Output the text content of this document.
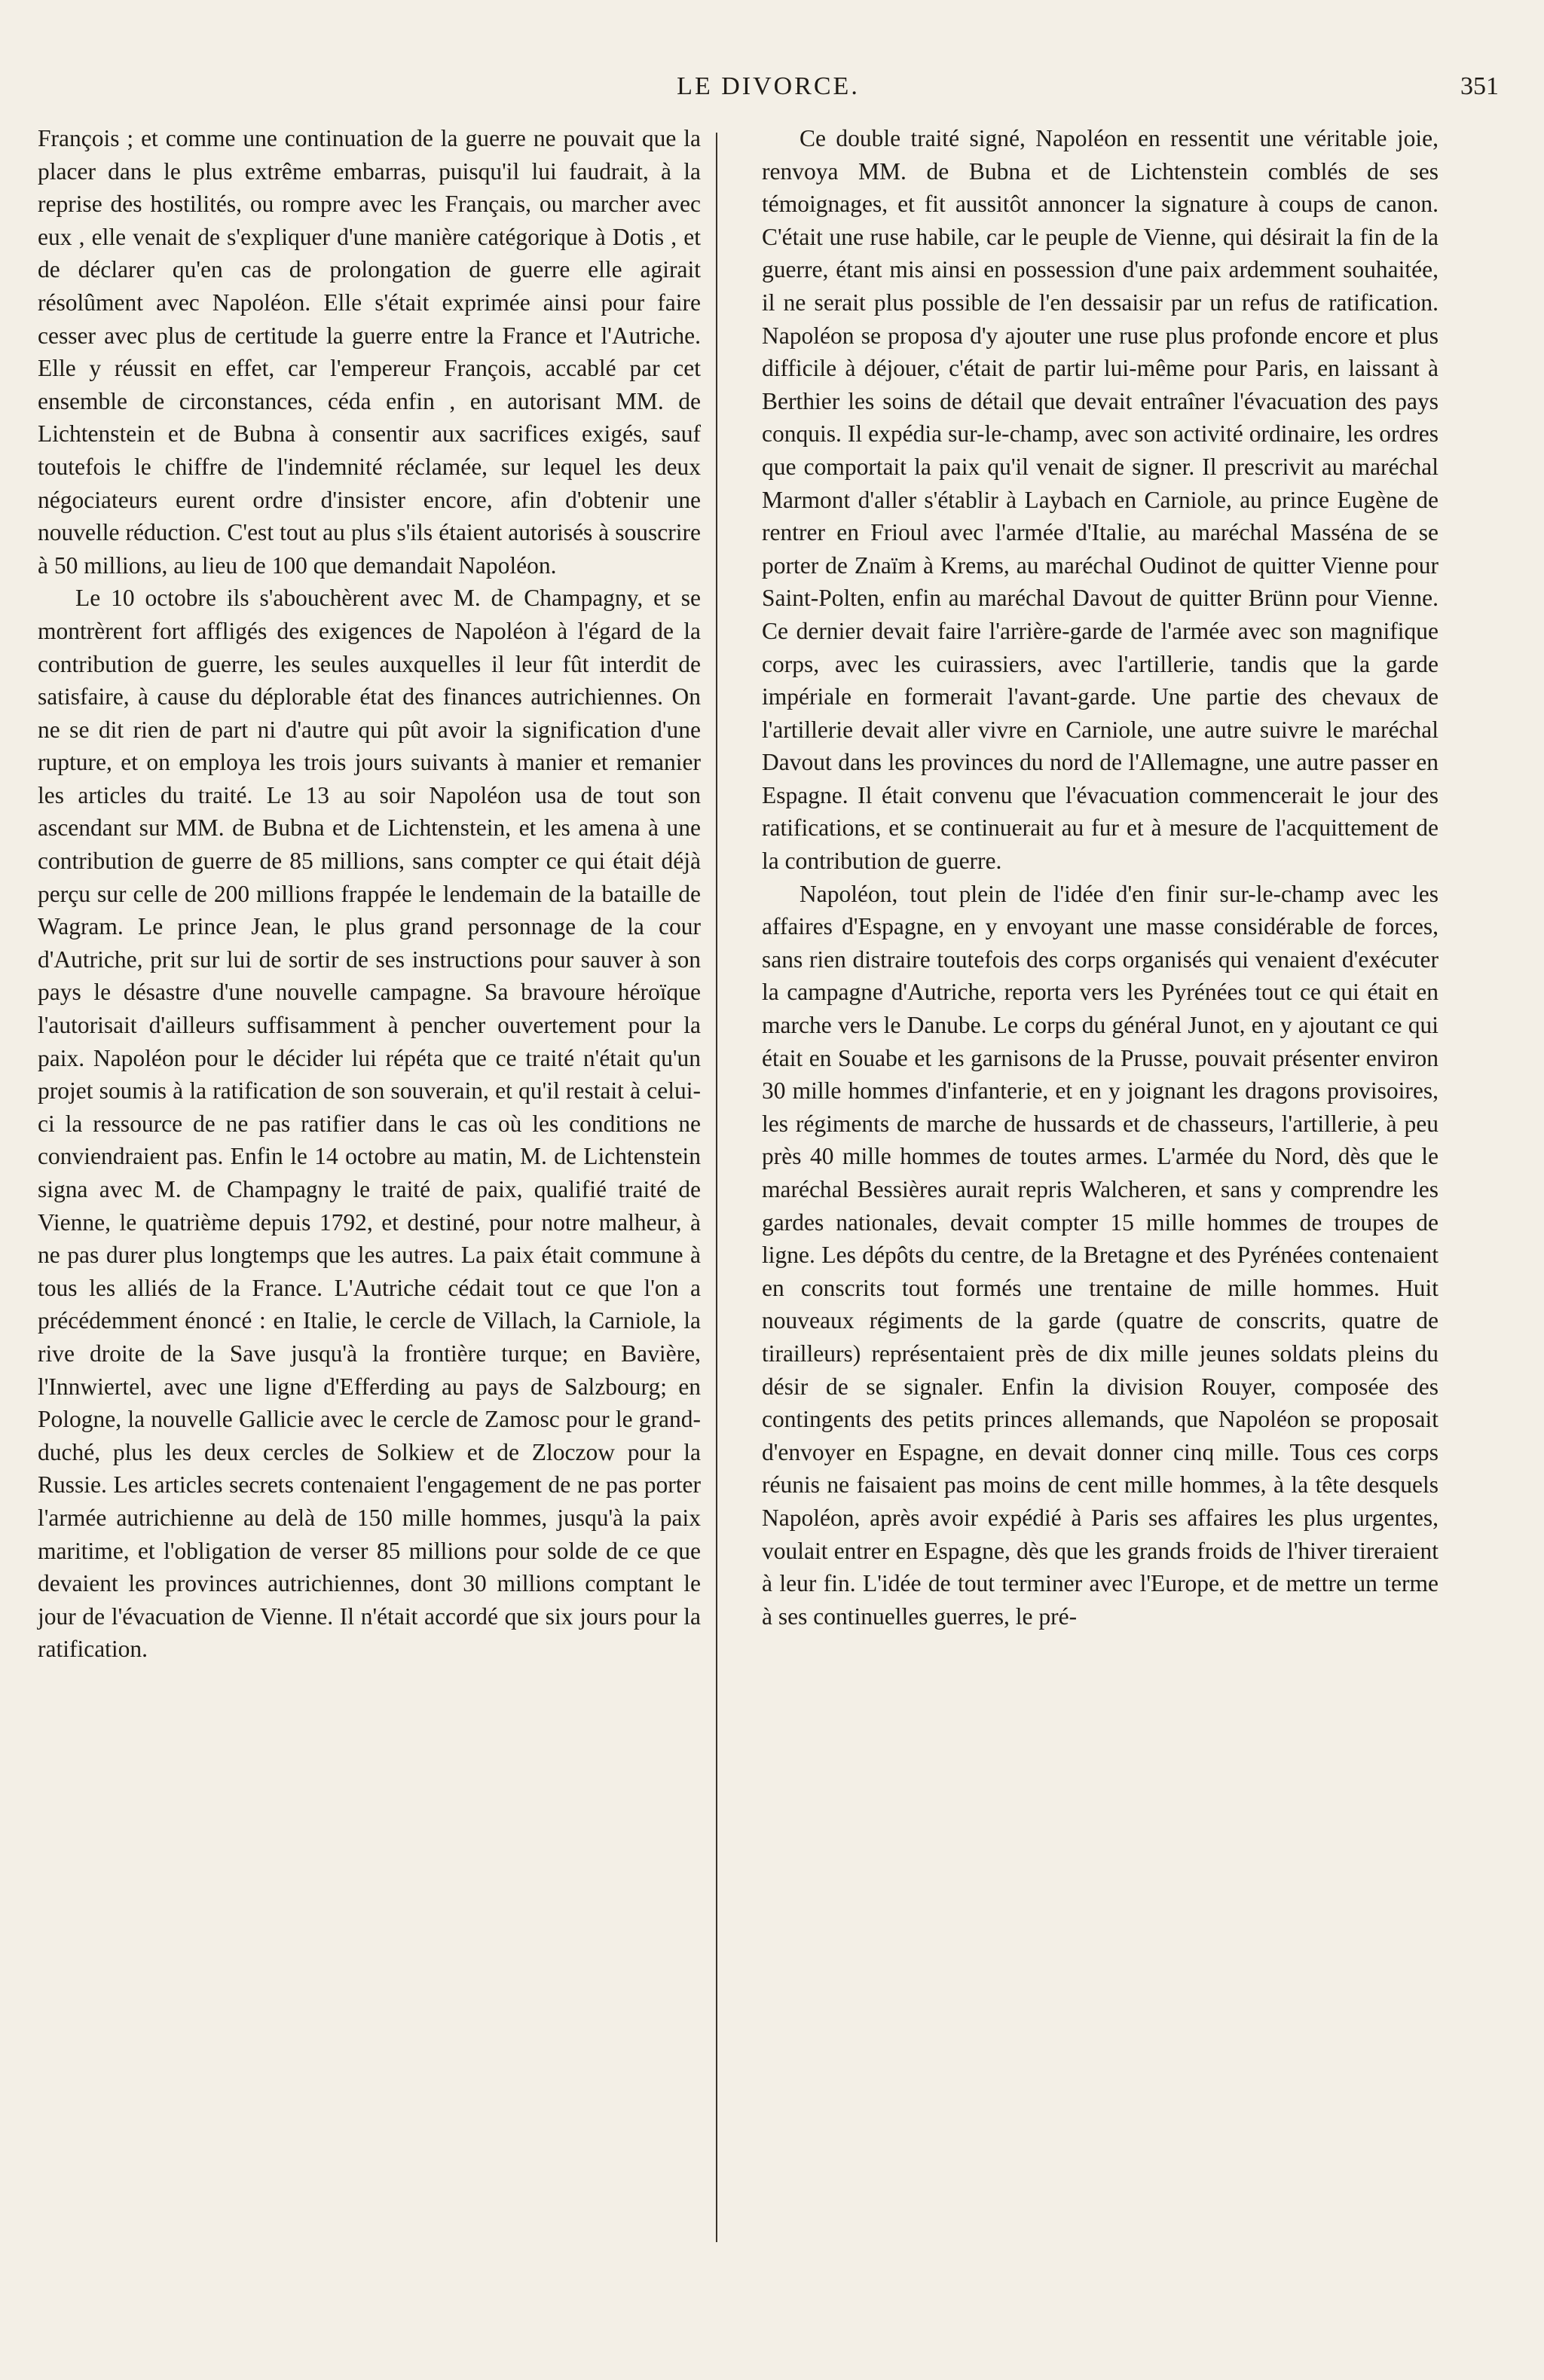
LE DIVORCE.	351

François ; et comme une continuation de la guerre ne pouvait que la placer dans le plus extrême embarras, puisqu'il lui faudrait, à la reprise des hostilités, ou rompre avec les Français, ou marcher avec eux , elle venait de s'expliquer d'une manière catégorique à Dotis , et de déclarer qu'en cas de prolongation de guerre elle agirait résolûment avec Napoléon. Elle s'était exprimée ainsi pour faire cesser avec plus de certitude la guerre entre la France et l'Autriche. Elle y réussit en effet, car l'empereur François, accablé par cet ensemble de circonstances, céda enfin , en autorisant MM. de Lichtenstein et de Bubna à consentir aux sacrifices exigés, sauf toutefois le chiffre de l'indemnité réclamée, sur lequel les deux négociateurs eurent ordre d'insister encore, afin d'obtenir une nouvelle réduction. C'est tout au plus s'ils étaient autorisés à souscrire à 50 millions, au lieu de 100 que demandait Napoléon.

Le 10 octobre ils s'abouchèrent avec M. de Champagny, et se montrèrent fort affligés des exigences de Napoléon à l'égard de la contribution de guerre, les seules auxquelles il leur fût interdit de satisfaire, à cause du déplorable état des finances autrichiennes. On ne se dit rien de part ni d'autre qui pût avoir la signification d'une rupture, et on employa les trois jours suivants à manier et remanier les articles du traité. Le 13 au soir Napoléon usa de tout son ascendant sur MM. de Bubna et de Lichtenstein, et les amena à une contribution de guerre de 85 millions, sans compter ce qui était déjà perçu sur celle de 200 millions frappée le lendemain de la bataille de Wagram. Le prince Jean, le plus grand personnage de la cour d'Autriche, prit sur lui de sortir de ses instructions pour sauver à son pays le désastre d'une nouvelle campagne. Sa bravoure héroïque l'autorisait d'ailleurs suffisamment à pencher ouvertement pour la paix. Napoléon pour le décider lui répéta que ce traité n'était qu'un projet soumis à la ratification de son souverain, et qu'il restait à celui-ci la ressource de ne pas ratifier dans le cas où les conditions ne conviendraient pas. Enfin le 14 octobre au matin, M. de Lichtenstein signa avec M. de Champagny le traité de paix, qualifié traité de Vienne, le quatrième depuis 1792, et destiné, pour notre malheur, à ne pas durer plus longtemps que les autres. La paix était commune à tous les alliés de la France. L'Autriche cédait tout ce que l'on a précédemment énoncé : en Italie, le cercle de Villach, la Carniole, la rive droite de la Save jusqu'à la frontière turque; en Bavière, l'Innwiertel, avec une ligne d'Efferding au pays de Salzbourg; en Pologne, la nouvelle Gallicie avec le cercle de Zamosc pour le grand-duché, plus les deux cercles de Solkiew et de Zloczow pour la Russie. Les articles secrets contenaient l'engagement de ne pas porter l'armée autrichienne au delà de 150 mille hommes, jusqu'à la paix maritime, et l'obligation de verser 85 millions pour solde de ce que devaient les provinces autrichiennes, dont 30 millions comptant le jour de l'évacuation de Vienne. Il n'était accordé que six jours pour la ratification.

Ce double traité signé, Napoléon en ressentit une véritable joie, renvoya MM. de Bubna et de Lichtenstein comblés de ses témoignages, et fit aussitôt annoncer la signature à coups de canon. C'était une ruse habile, car le peuple de Vienne, qui désirait la fin de la guerre, étant mis ainsi en possession d'une paix ardemment souhaitée, il ne serait plus possible de l'en dessaisir par un refus de ratification. Napoléon se proposa d'y ajouter une ruse plus profonde encore et plus difficile à déjouer, c'était de partir lui-même pour Paris, en laissant à Berthier les soins de détail que devait entraîner l'évacuation des pays conquis. Il expédia sur-le-champ, avec son activité ordinaire, les ordres que comportait la paix qu'il venait de signer. Il prescrivit au maréchal Marmont d'aller s'établir à Laybach en Carniole, au prince Eugène de rentrer en Frioul avec l'armée d'Italie, au maréchal Masséna de se porter de Znaïm à Krems, au maréchal Oudinot de quitter Vienne pour Saint-Polten, enfin au maréchal Davout de quitter Brünn pour Vienne. Ce dernier devait faire l'arrière-garde de l'armée avec son magnifique corps, avec les cuirassiers, avec l'artillerie, tandis que la garde impériale en formerait l'avant-garde. Une partie des chevaux de l'artillerie devait aller vivre en Carniole, une autre suivre le maréchal Davout dans les provinces du nord de l'Allemagne, une autre passer en Espagne. Il était convenu que l'évacuation commencerait le jour des ratifications, et se continuerait au fur et à mesure de l'acquittement de la contribution de guerre.

Napoléon, tout plein de l'idée d'en finir sur-le-champ avec les affaires d'Espagne, en y envoyant une masse considérable de forces, sans rien distraire toutefois des corps organisés qui venaient d'exécuter la campagne d'Autriche, reporta vers les Pyrénées tout ce qui était en marche vers le Danube. Le corps du général Junot, en y ajoutant ce qui était en Souabe et les garnisons de la Prusse, pouvait présenter environ 30 mille hommes d'infanterie, et en y joignant les dragons provisoires, les régiments de marche de hussards et de chasseurs, l'artillerie, à peu près 40 mille hommes de toutes armes. L'armée du Nord, dès que le maréchal Bessières aurait repris Walcheren, et sans y comprendre les gardes nationales, devait compter 15 mille hommes de troupes de ligne. Les dépôts du centre, de la Bretagne et des Pyrénées contenaient en conscrits tout formés une trentaine de mille hommes. Huit nouveaux régiments de la garde (quatre de conscrits, quatre de tirailleurs) représentaient près de dix mille jeunes soldats pleins du désir de se signaler. Enfin la division Rouyer, composée des contingents des petits princes allemands, que Napoléon se proposait d'envoyer en Espagne, en devait donner cinq mille. Tous ces corps réunis ne faisaient pas moins de cent mille hommes, à la tête desquels Napoléon, après avoir expédié à Paris ses affaires les plus urgentes, voulait entrer en Espagne, dès que les grands froids de l'hiver tireraient à leur fin. L'idée de tout terminer avec l'Europe, et de mettre un terme à ses continuelles guerres, le pré-
